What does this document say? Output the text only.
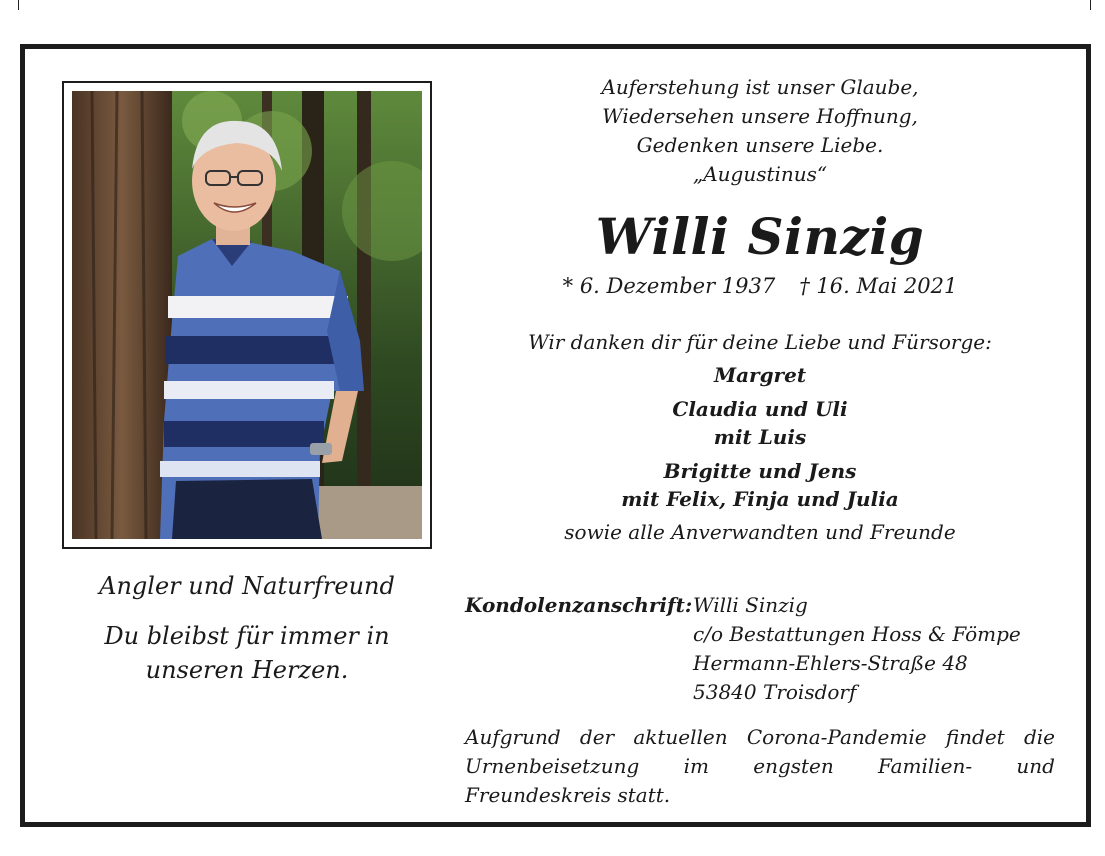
Angler und Naturfreund
Du bleibst für immer in
unseren Herzen.
Auferstehung ist unser Glaube,
Wiedersehen unsere Hoffnung,
Gedenken unsere Liebe.
„Augustinus“
Willi Sinzig
* 6. Dezember 1937 † 16. Mai 2021
Wir danken dir für deine Liebe und Fürsorge:
Margret
Claudia und Uli
mit Luis
Brigitte und Jens
mit Felix, Finja und Julia
sowie alle Anverwandten und Freunde
Kondolenzanschrift: Willi Sinzig
c/o Bestattungen Hoss & Fömpe
Hermann-Ehlers-Straße 48
53840 Troisdorf
Aufgrund der aktuellen Corona-Pandemie findet die Urnenbeisetzung im engsten Familien- und Freundeskreis statt.
